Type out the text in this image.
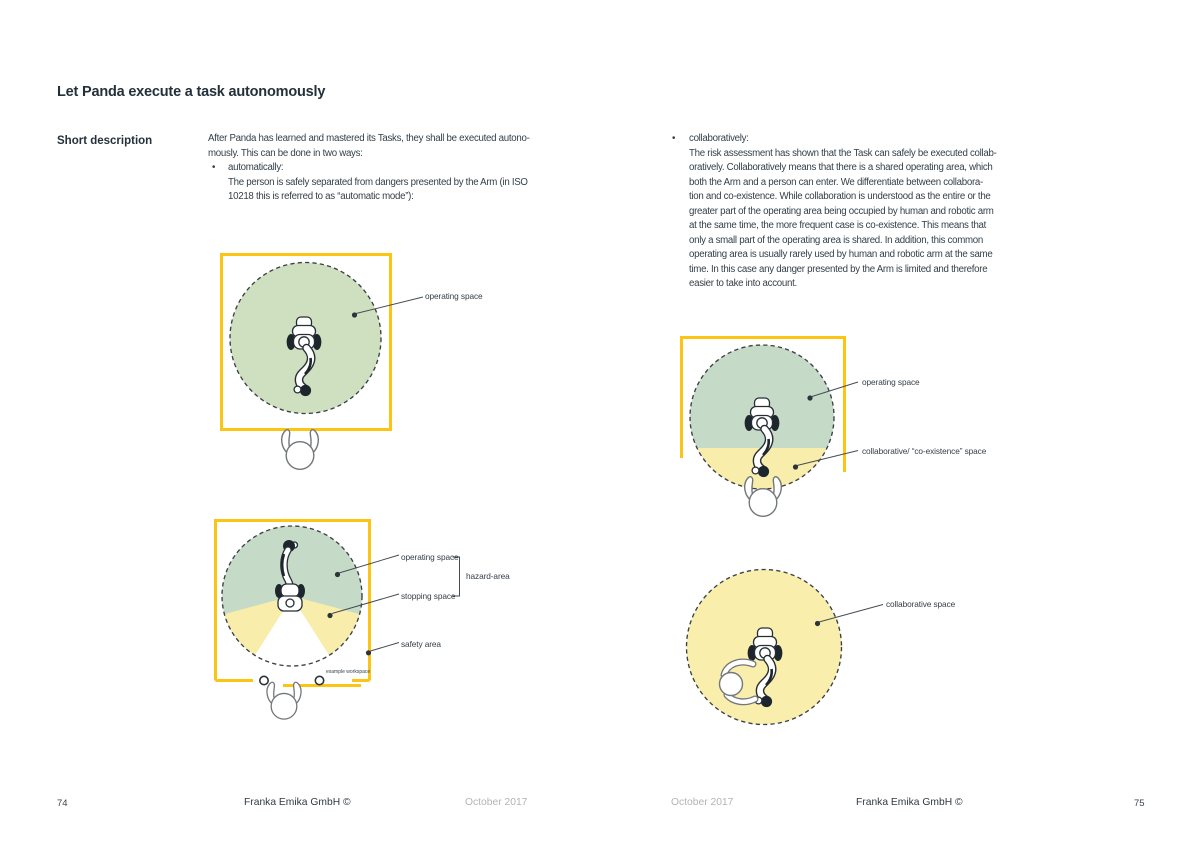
Let Panda execute a task autonomously
Short description	After Panda has learned and mastered its Tasks, they shall be executed autono-
mously. This can be done in two ways:
• automatically:
The person is safely separated from dangers presented by the Arm (in ISO
10218 this is referred to as “automatic mode”):
operating space
operating space
stopping space
hazard-area
safety area
example workspace
• collaboratively:
The risk assessment has shown that the Task can safely be executed collab-
oratively. Collaboratively means that there is a shared operating area, which
both the Arm and a person can enter. We differentiate between collabora-
tion and co-existence. While collaboration is understood as the entire or the
greater part of the operating area being occupied by human and robotic arm
at the same time, the more frequent case is co-existence. This means that
only a small part of the operating area is shared. In addition, this common
operating area is usually rarely used by human and robotic arm at the same
time. In this case any danger presented by the Arm is limited and therefore
easier to take into account.
operating space
collaborative/ “co-existence” space
collaborative space
74	Franka Emika GmbH ©	October 2017	October 2017	Franka Emika GmbH ©	75
